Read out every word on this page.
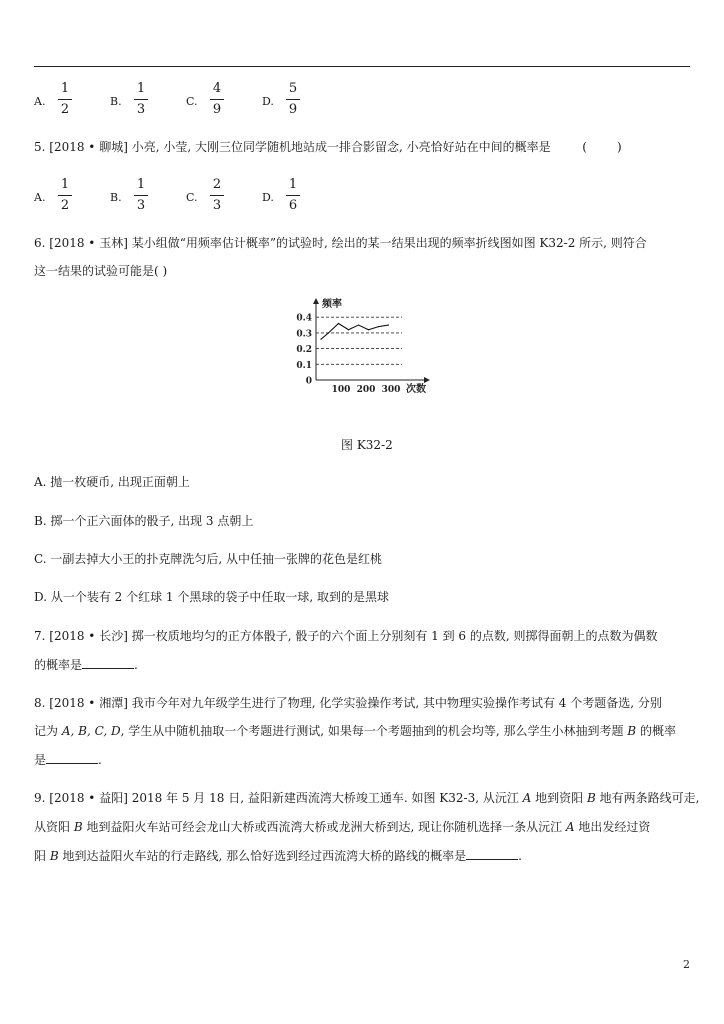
A.
1
2
B.
1
3
C.
4
9
D.
5
9
5. [2018 • 聊城] 小亮, 小莹, 大刚三位同学随机地站成一排合影留念, 小亮恰好站在中间的概率是	(	)
A.
1
2
B.
1
3
C.
2
3
D.
1
6
6. [2018 • 玉林] 某小组做“用频率估计概率”的试验时, 绘出的某一结果出现的频率折线图如图 K32-2 所示, 则符合
这一结果的试验可能是( )
频率
次数
0.4
0.3
0.2
0.1
0
100 200 300
图 K32-2
A. 抛一枚硬币, 出现正面朝上
B. 掷一个正六面体的骰子, 出现 3 点朝上
C. 一副去掉大小王的扑克牌洗匀后, 从中任抽一张牌的花色是红桃
D. 从一个装有 2 个红球 1 个黑球的袋子中任取一球, 取到的是黑球
7. [2018 • 长沙] 掷一枚质地均匀的正方体骰子, 骰子的六个面上分别刻有 1 到 6 的点数, 则掷得面朝上的点数为偶数
的概率是	.
8. [2018 • 湘潭] 我市今年对九年级学生进行了物理, 化学实验操作考试, 其中物理实验操作考试有 4 个考题备选, 分别
记为 A, B, C, D, 学生从中随机抽取一个考题进行测试, 如果每一个考题抽到的机会均等, 那么学生小林抽到考题 B 的概率
是	.
9. [2018 • 益阳] 2018 年 5 月 18 日, 益阳新建西流湾大桥竣工通车. 如图 K32-3, 从沅江 A 地到资阳 B 地有两条路线可走,
从资阳 B 地到益阳火车站可经会龙山大桥或西流湾大桥或龙洲大桥到达, 现让你随机选择一条从沅江 A 地出发经过资
阳 B 地到达益阳火车站的行走路线, 那么恰好选到经过西流湾大桥的路线的概率是	.
2
